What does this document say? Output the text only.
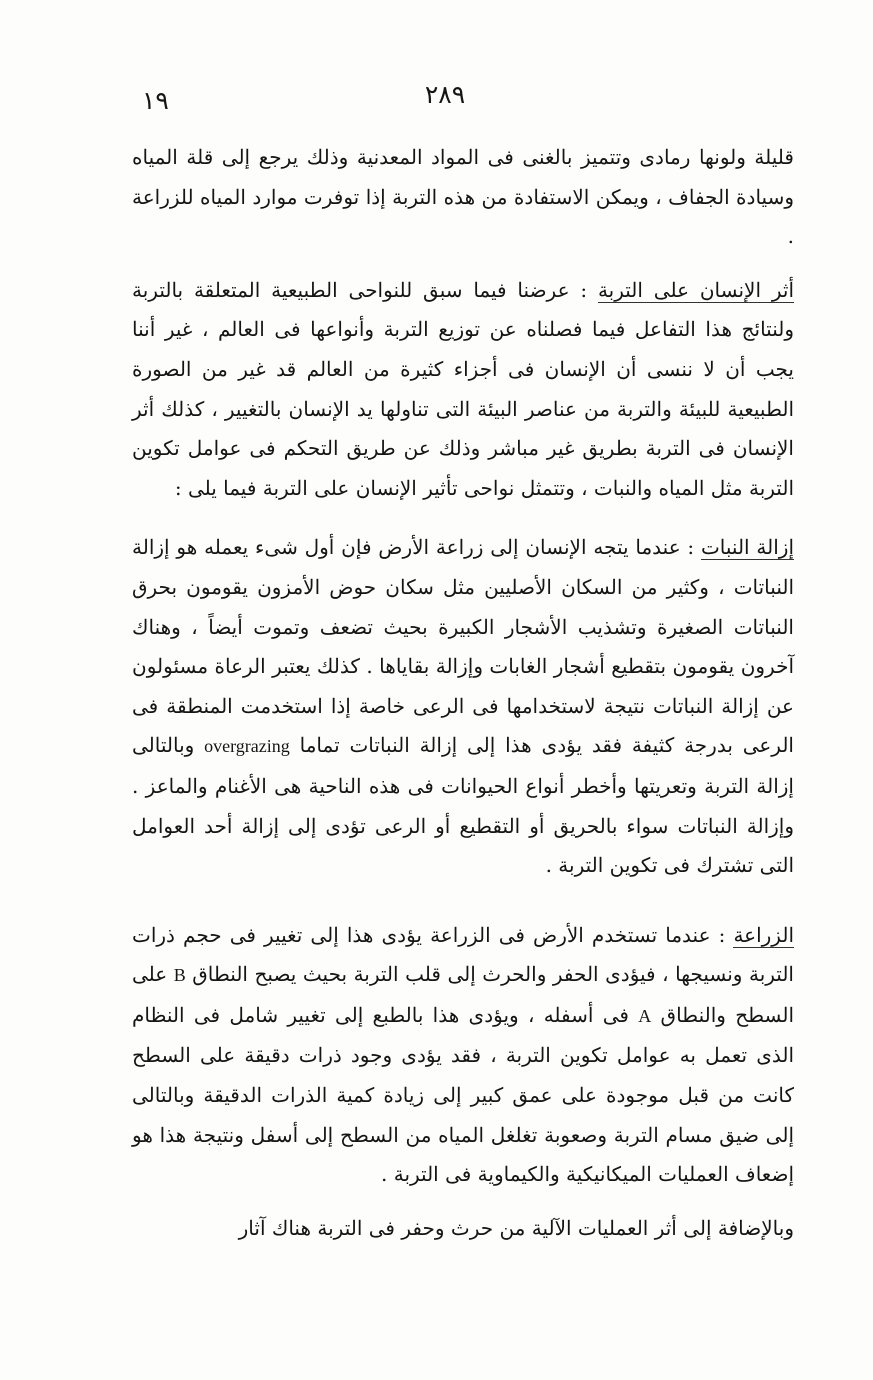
١٩	٢٨٩

قليلة ولونها رمادى وتتميز بالغنى فى المواد المعدنية وذلك يرجع إلى قلة المياه وسيادة الجفاف ، ويمكن الاستفادة من هذه التربة إذا توفرت موارد المياه للزراعة .

أثر الإنسان على التربة : عرضنا فيما سبق للنواحى الطبيعية المتعلقة بالتربة ولنتائج هذا التفاعل فيما فصلناه عن توزيع التربة وأنواعها فى العالم ، غير أننا يجب أن لا ننسى أن الإنسان فى أجزاء كثيرة من العالم قد غير من الصورة الطبيعية للبيئة والتربة من عناصر البيئة التى تناولها يد الإنسان بالتغيير ، كذلك أثر الإنسان فى التربة بطريق غير مباشر وذلك عن طريق التحكم فى عوامل تكوين التربة مثل المياه والنبات ، وتتمثل نواحى تأثير الإنسان على التربة فيما يلى :

إزالة النبات : عندما يتجه الإنسان إلى زراعة الأرض فإن أول شىء يعمله هو إزالة النباتات ، وكثير من السكان الأصليين مثل سكان حوض الأمزون يقومون بحرق النباتات الصغيرة وتشذيب الأشجار الكبيرة بحيث تضعف وتموت أيضاً ، وهناك آخرون يقومون بتقطيع أشجار الغابات وإزالة بقاياها . كذلك يعتبر الرعاة مسئولون عن إزالة النباتات نتيجة لاستخدامها فى الرعى خاصة إذا استخدمت المنطقة فى الرعى بدرجة كثيفة فقد يؤدى هذا إلى إزالة النباتات تماما overgrazing وبالتالى إزالة التربة وتعريتها وأخطر أنواع الحيوانات فى هذه الناحية هى الأغنام والماعز . وإزالة النباتات سواء بالحريق أو التقطيع أو الرعى تؤدى إلى إزالة أحد العوامل التى تشترك فى تكوين التربة .

الزراعة : عندما تستخدم الأرض فى الزراعة يؤدى هذا إلى تغيير فى حجم ذرات التربة ونسيجها ، فيؤدى الحفر والحرث إلى قلب التربة بحيث يصبح النطاق B على السطح والنطاق A فى أسفله ، ويؤدى هذا بالطبع إلى تغيير شامل فى النظام الذى تعمل به عوامل تكوين التربة ، فقد يؤدى وجود ذرات دقيقة على السطح كانت من قبل موجودة على عمق كبير إلى زيادة كمية الذرات الدقيقة وبالتالى إلى ضيق مسام التربة وصعوبة تغلغل المياه من السطح إلى أسفل ونتيجة هذا هو إضعاف العمليات الميكانيكية والكيماوية فى التربة .

وبالإضافة إلى أثر العمليات الآلية من حرث وحفر فى التربة هناك آثار
